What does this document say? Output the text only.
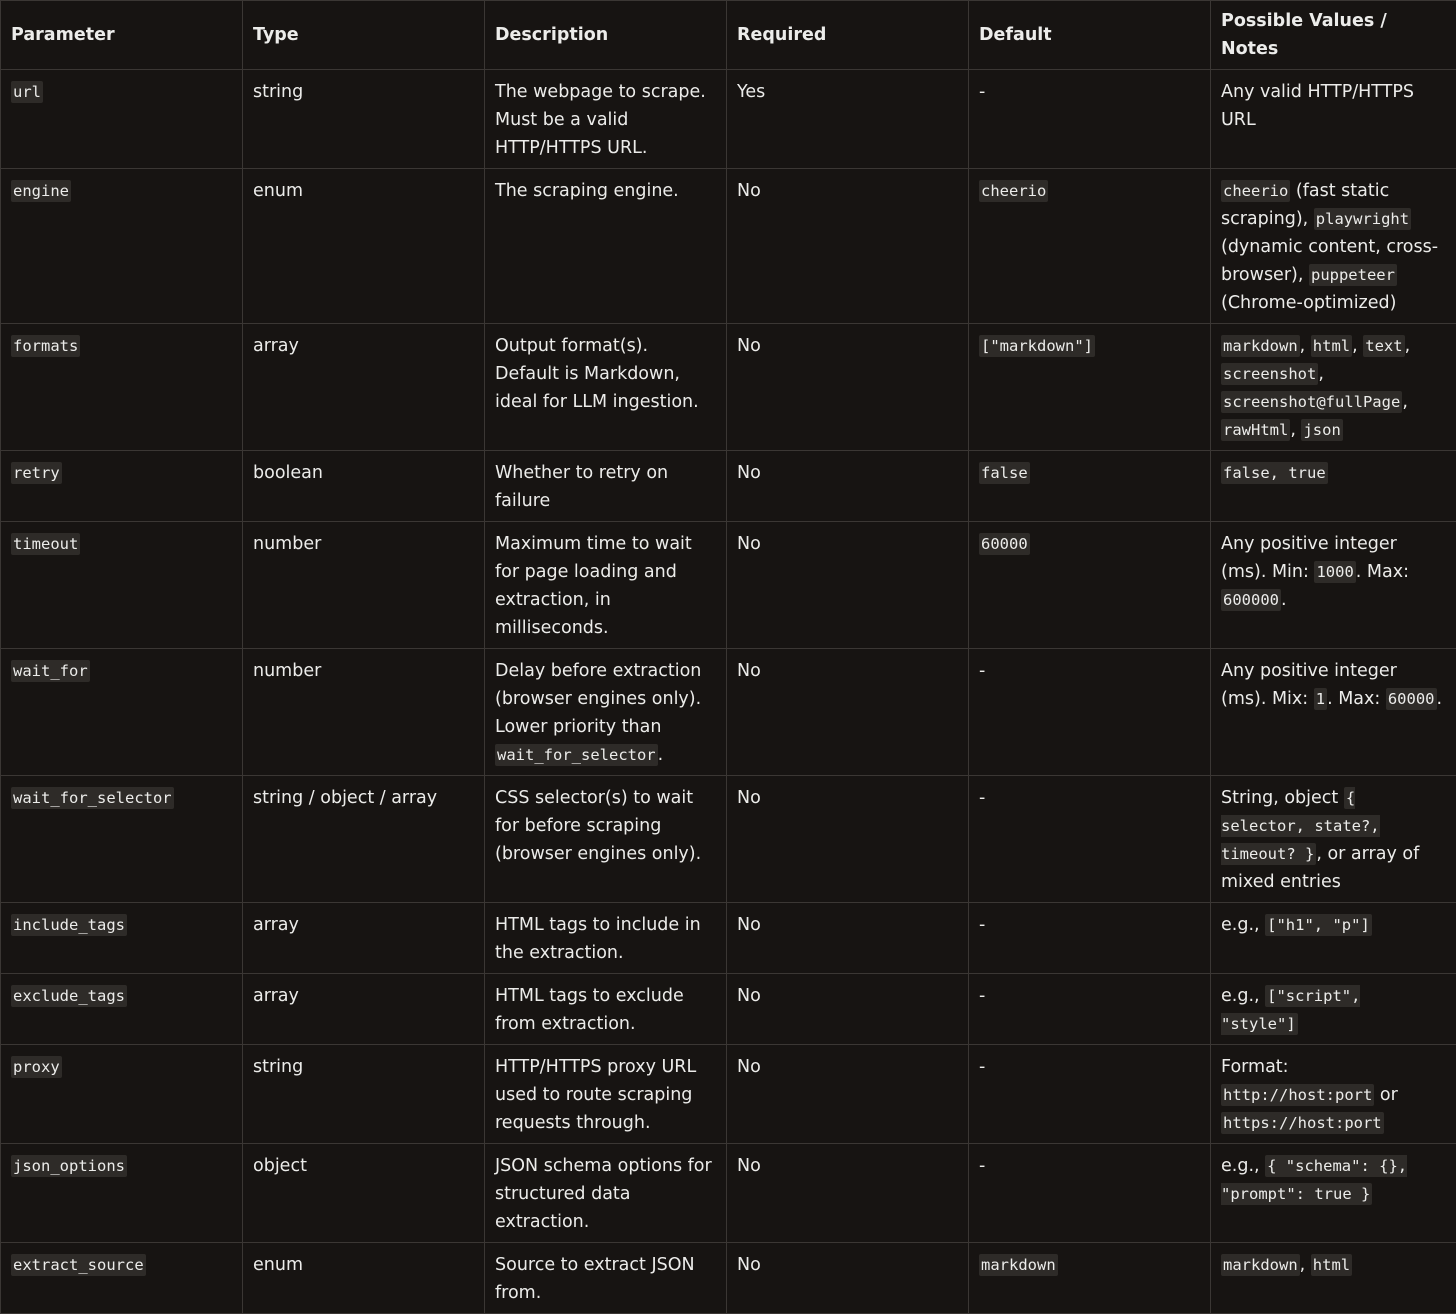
Parameter	Type	Description	Required	Default	Possible Values / Notes
url	string	The webpage to scrape. Must be a valid HTTP/HTTPS URL.	Yes	-	Any valid HTTP/HTTPS URL
engine	enum	The scraping engine.	No	cheerio	cheerio (fast static scraping), playwright (dynamic content, cross-browser), puppeteer (Chrome-optimized)
formats	array	Output format(s). Default is Markdown, ideal for LLM ingestion.	No	["markdown"]	markdown , html , text , screenshot , screenshot@fullPage , rawHtml , json
retry	boolean	Whether to retry on failure	No	false	false, true
timeout	number	Maximum time to wait for page loading and extraction, in milliseconds.	No	60000	Any positive integer (ms). Min: 1000 . Max: 600000 .
wait_for	number	Delay before extraction (browser engines only). Lower priority than wait_for_selector .	No	-	Any positive integer (ms). Mix: 1 . Max: 60000 .
wait_for_selector	string / object / array	CSS selector(s) to wait for before scraping (browser engines only).	No	-	String, object { selector, state?, timeout? } , or array of mixed entries
include_tags	array	HTML tags to include in the extraction.	No	-	e.g., ["h1", "p"]
exclude_tags	array	HTML tags to exclude from extraction.	No	-	e.g., ["script", "style"]
proxy	string	HTTP/HTTPS proxy URL used to route scraping requests through.	No	-	Format: http://host:port or https://host:port
json_options	object	JSON schema options for structured data extraction.	No	-	e.g., { "schema": {}, "prompt": true }
extract_source	enum	Source to extract JSON from.	No	markdown	markdown , html
